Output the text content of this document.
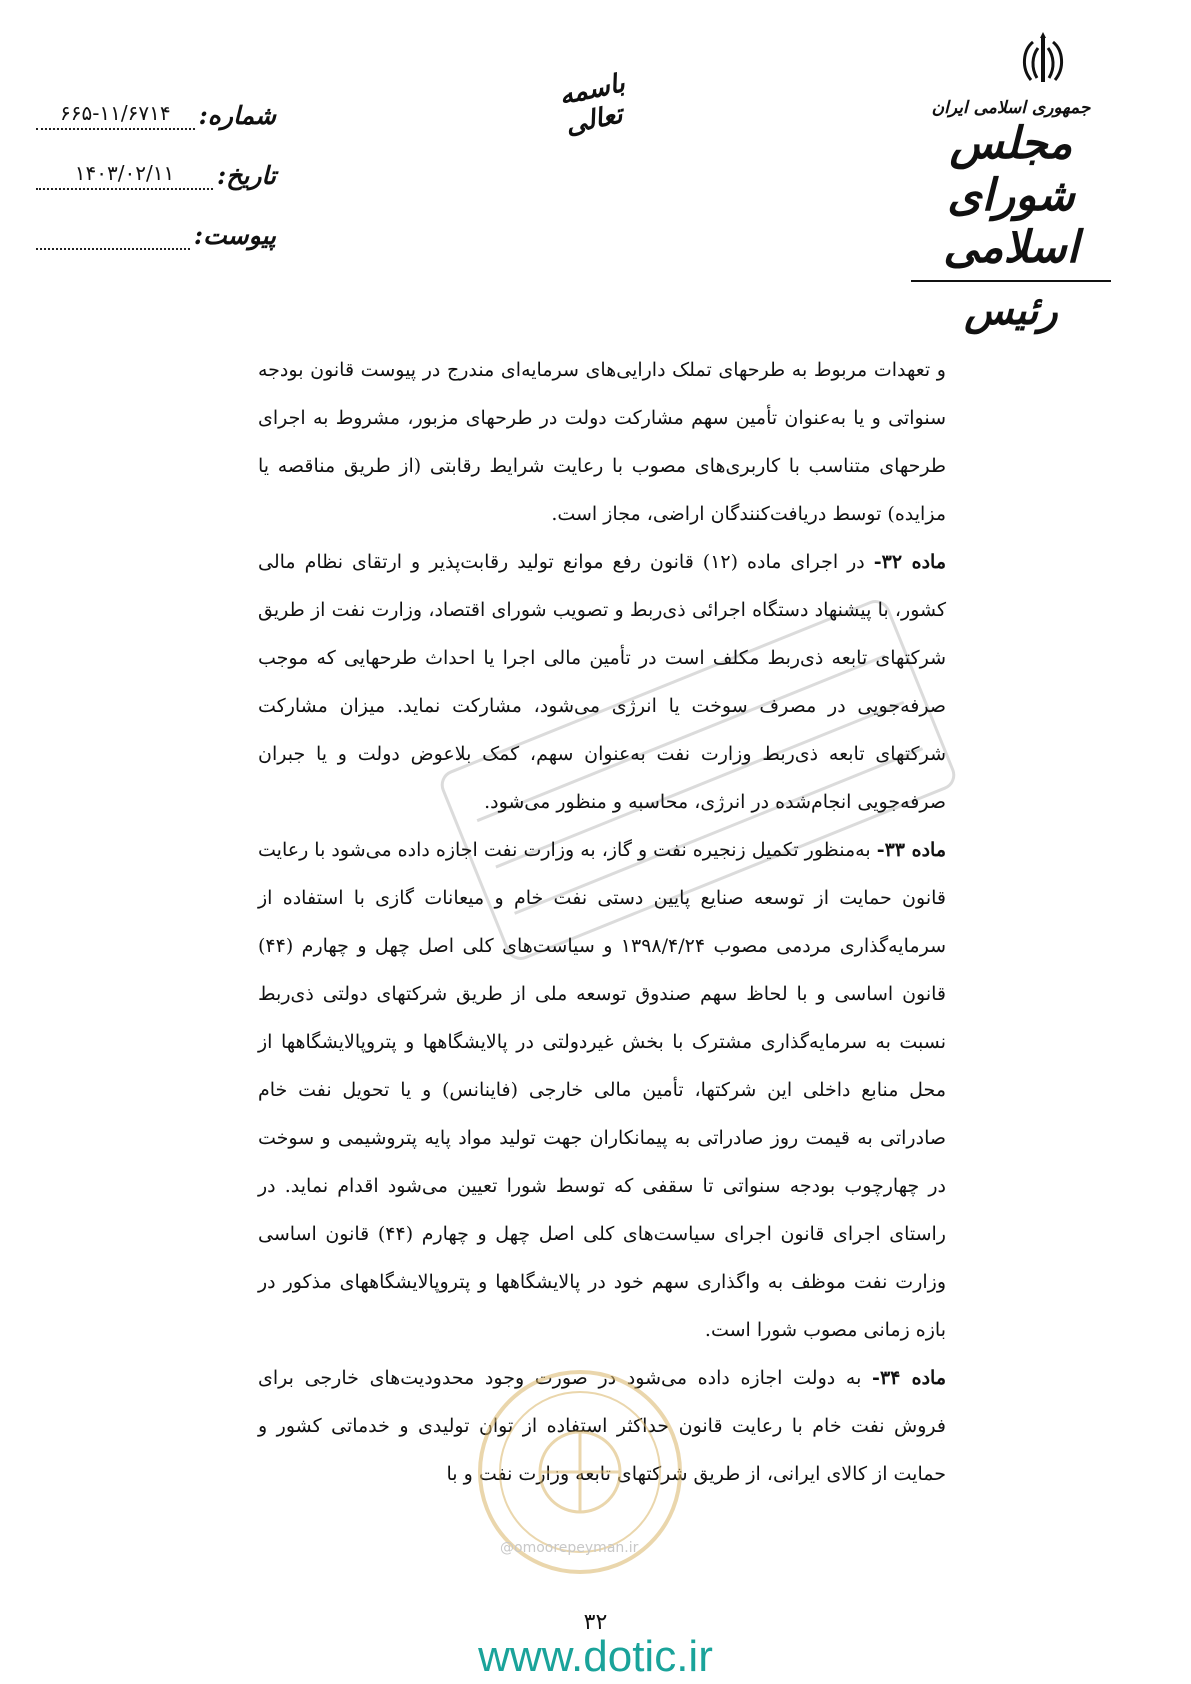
شماره:
۶۶۵-۱۱/۶۷۱۴
تاریخ:
۱۴۰۳/۰۲/۱۱
پیوست:
باسمه تعالی	جمهوری اسلامی ایران
مجلس شورای اسلامی
رئیس

و تعهدات مربوط به طرحهای تملک دارایی‌های سرمایه‌ای مندرج در پیوست قانون بودجه سنواتی و یا به‌عنوان تأمین سهم مشارکت دولت در طرحهای مزبور، مشروط به اجرای طرحهای متناسب با کاربری‌های مصوب با رعایت شرایط رقابتی (از طریق مناقصه یا مزایده) توسط دریافت‌کنندگان اراضی، مجاز است.

ماده ۳۲- در اجرای ماده (۱۲) قانون رفع موانع تولید رقابت‌پذیر و ارتقای نظام مالی کشور، با پیشنهاد دستگاه اجرائی ذی‌ربط و تصویب شورای اقتصاد، وزارت نفت از طریق شرکتهای تابعه ذی‌ربط مکلف است در تأمین مالی اجرا یا احداث طرحهایی که موجب صرفه‌جویی در مصرف سوخت یا انرژی می‌شود، مشارکت نماید. میزان مشارکت شرکتهای تابعه ذی‌ربط وزارت نفت به‌عنوان سهم، کمک بلاعوض دولت و یا جبران صرفه‌جویی انجام‌شده در انرژی، محاسبه و منظور می‌شود.

ماده ۳۳- به‌منظور تکمیل زنجیره نفت و گاز، به وزارت نفت اجازه داده می‌شود با رعایت قانون حمایت از توسعه صنایع پایین دستی نفت خام و میعانات گازی با استفاده از سرمایه‌گذاری مردمی مصوب ۱۳۹۸/۴/۲۴ و سیاست‌های کلی اصل چهل و چهارم (۴۴) قانون اساسی و با لحاظ سهم صندوق توسعه ملی از طریق شرکتهای دولتی ذی‌ربط نسبت به سرمایه‌گذاری مشترک با بخش غیردولتی در پالایشگاهها و پتروپالایشگاهها از محل منابع داخلی این شرکتها، تأمین مالی خارجی (فاینانس) و یا تحویل نفت خام صادراتی به قیمت روز صادراتی به پیمانکاران جهت تولید مواد پایه پتروشیمی و سوخت در چهارچوب بودجه سنواتی تا سقفی که توسط شورا تعیین می‌شود اقدام نماید. در راستای اجرای قانون اجرای سیاست‌های کلی اصل چهل و چهارم (۴۴) قانون اساسی وزارت نفت موظف به واگذاری سهم خود در پالایشگاهها و پتروپالایشگاههای مذکور در بازه زمانی مصوب شورا است.

ماده ۳۴- به دولت اجازه داده می‌شود در صورت وجود محدودیت‌های خارجی برای فروش نفت خام با رعایت قانون حداکثر استفاده از توان تولیدی و خدماتی کشور و حمایت از کالای ایرانی، از طریق شرکتهای تابعه وزارت نفت و با

@omoorepeyman.ir
۳۲
www.dotic.ir
